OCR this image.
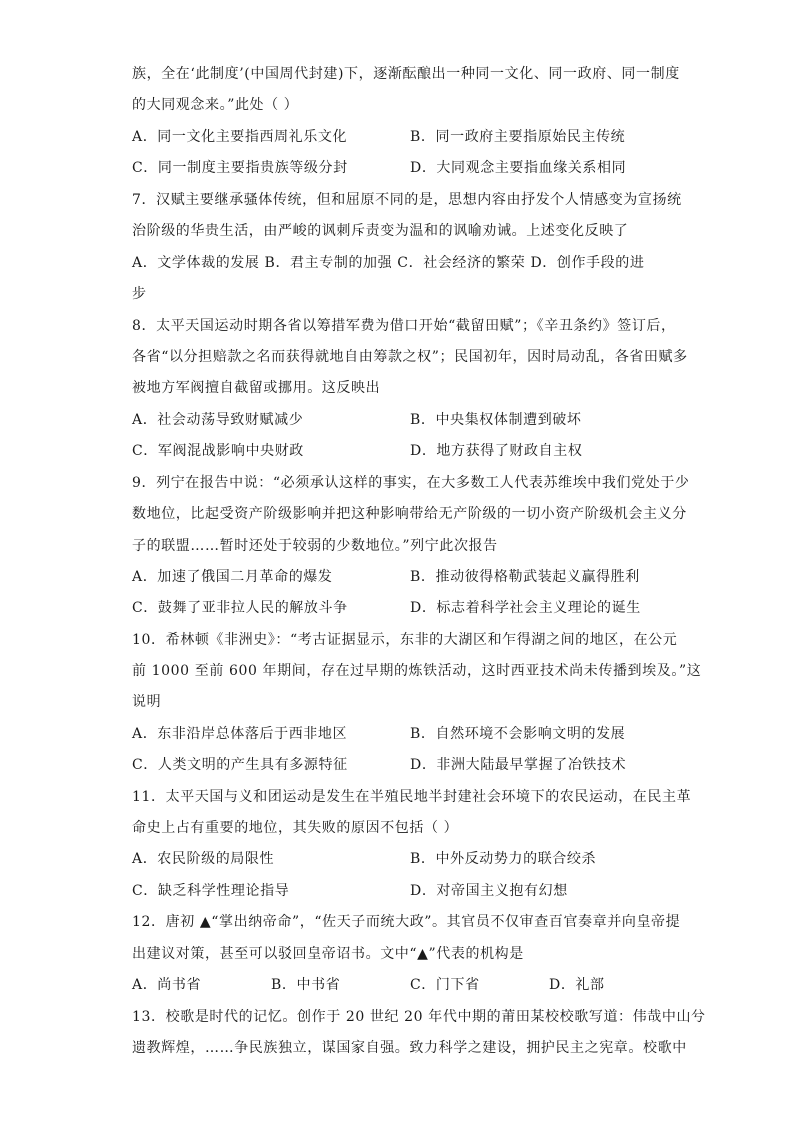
族，全在‘此制度’(中国周代封建)下，逐渐酝酿出一种同一文化、同一政府、同一制度
的大同观念来。”此处（ ）
A．同一文化主要指西周礼乐文化	B．同一政府主要指原始民主传统
C．同一制度主要指贵族等级分封	D．大同观念主要指血缘关系相同
7．汉赋主要继承骚体传统，但和屈原不同的是，思想内容由抒发个人情感变为宣扬统
治阶级的华贵生活，由严峻的讽刺斥责变为温和的讽喻劝诫。上述变化反映了
A．文学体裁的发展 B．君主专制的加强 C．社会经济的繁荣 D．创作手段的进
步
8．太平天国运动时期各省以筹措军费为借口开始“截留田赋”；《辛丑条约》签订后，
各省“以分担赔款之名而获得就地自由筹款之权”；民国初年，因时局动乱，各省田赋多
被地方军阀擅自截留或挪用。这反映出
A．社会动荡导致财赋减少	B．中央集权体制遭到破坏
C．军阀混战影响中央财政	D．地方获得了财政自主权
9．列宁在报告中说：“必须承认这样的事实，在大多数工人代表苏维埃中我们党处于少
数地位，比起受资产阶级影响并把这种影响带给无产阶级的一切小资产阶级机会主义分
子的联盟……暂时还处于较弱的少数地位。”列宁此次报告
A．加速了俄国二月革命的爆发	B．推动彼得格勒武装起义赢得胜利
C．鼓舞了亚非拉人民的解放斗争	D．标志着科学社会主义理论的诞生
10．希林顿《非洲史》：“考古证据显示，东非的大湖区和乍得湖之间的地区，在公元
前 1000 至前 600 年期间，存在过早期的炼铁活动，这时西亚技术尚未传播到埃及。”这
说明
A．东非沿岸总体落后于西非地区	B．自然环境不会影响文明的发展
C．人类文明的产生具有多源特征	D．非洲大陆最早掌握了冶铁技术
11．太平天国与义和团运动是发生在半殖民地半封建社会环境下的农民运动，在民主革
命史上占有重要的地位，其失败的原因不包括（ ）
A．农民阶级的局限性	B．中外反动势力的联合绞杀
C．缺乏科学性理论指导	D．对帝国主义抱有幻想
12．唐初 ▲“掌出纳帝命”，“佐天子而统大政”。其官员不仅审查百官奏章并向皇帝提
出建议对策，甚至可以驳回皇帝诏书。文中“▲”代表的机构是
A．尚书省	B．中书省	C．门下省	D．礼部
13．校歌是时代的记忆。创作于 20 世纪 20 年代中期的莆田某校校歌写道：伟哉中山兮
遗教辉煌，……争民族独立，谋国家自强。致力科学之建设，拥护民主之宪章。校歌中
